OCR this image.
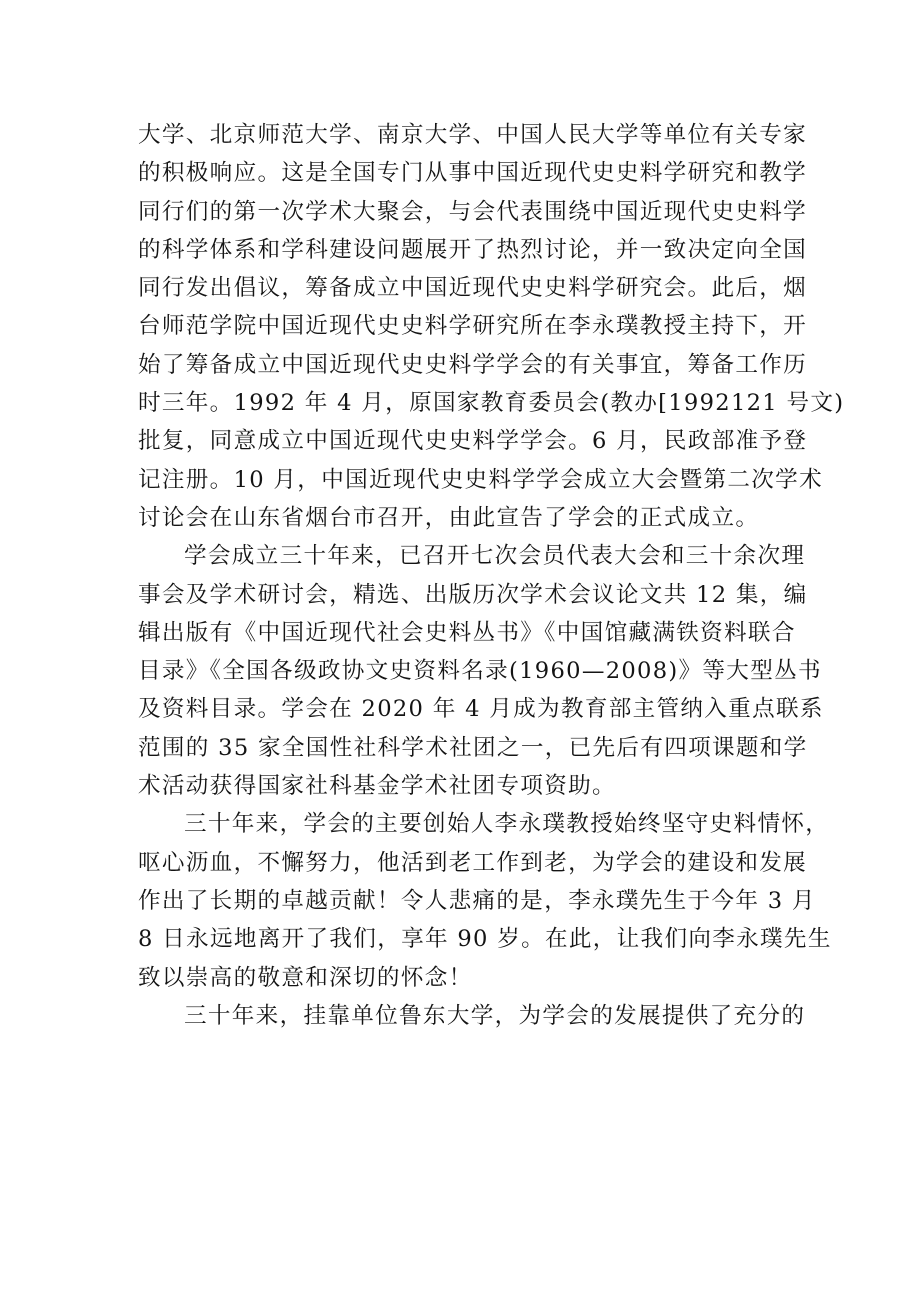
大学、北京师范大学、南京大学、中国人民大学等单位有关专家
的积极响应。这是全国专门从事中国近现代史史料学研究和教学
同行们的第一次学术大聚会，与会代表围绕中国近现代史史料学
的科学体系和学科建设问题展开了热烈讨论，并一致决定向全国
同行发出倡议，筹备成立中国近现代史史料学研究会。此后，烟
台师范学院中国近现代史史料学研究所在李永璞教授主持下，开
始了筹备成立中国近现代史史料学学会的有关事宜，筹备工作历
时三年。1992 年 4 月，原国家教育委员会(教办[1992121 号文)
批复，同意成立中国近现代史史料学学会。6 月，民政部准予登
记注册。10 月，中国近现代史史料学学会成立大会暨第二次学术
讨论会在山东省烟台市召开，由此宣告了学会的正式成立。
学会成立三十年来，已召开七次会员代表大会和三十余次理
事会及学术研讨会，精选、出版历次学术会议论文共 12 集，编
辑出版有《中国近现代社会史料丛书》《中国馆藏满铁资料联合
目录》《全国各级政协文史资料名录(1960—2008)》等大型丛书
及资料目录。学会在 2020 年 4 月成为教育部主管纳入重点联系
范围的 35 家全国性社科学术社团之一，已先后有四项课题和学
术活动获得国家社科基金学术社团专项资助。
三十年来，学会的主要创始人李永璞教授始终坚守史料情怀，
呕心沥血，不懈努力，他活到老工作到老，为学会的建设和发展
作出了长期的卓越贡献！令人悲痛的是，李永璞先生于今年 3 月
8 日永远地离开了我们，享年 90 岁。在此，让我们向李永璞先生
致以崇高的敬意和深切的怀念！
三十年来，挂靠单位鲁东大学，为学会的发展提供了充分的
